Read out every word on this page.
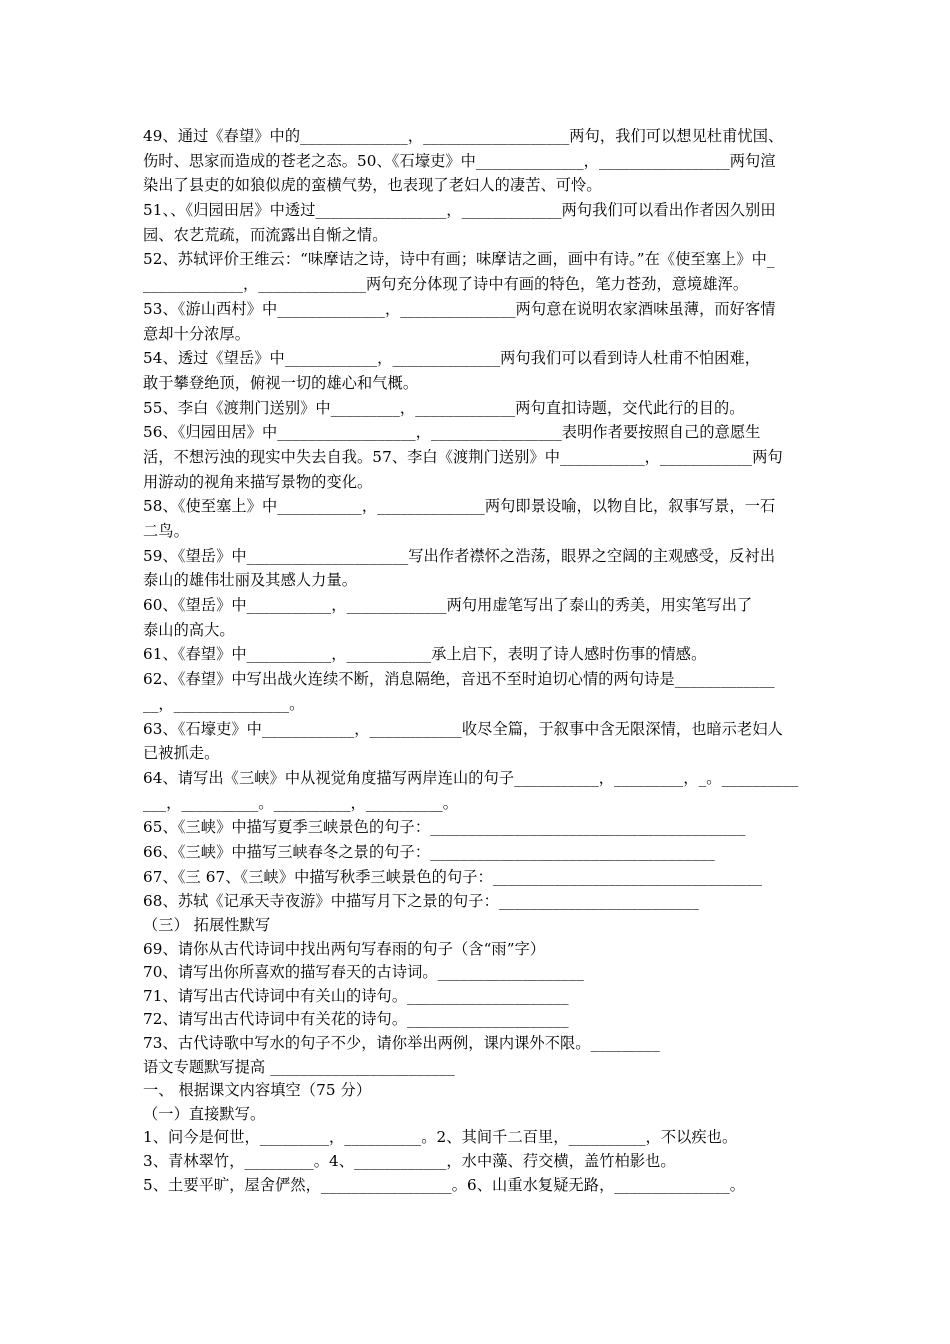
49、通过《春望》中的______________，___________________两句，我们可以想见杜甫忧国、
伤时、思家而造成的苍老之态。50、《石壕吏》中______________，_________________两句渲
染出了县吏的如狼似虎的蛮横气势，也表现了老妇人的凄苦、可怜。
51、、《归园田居》中透过_________________，_____________两句我们可以看出作者因久别田
园、农艺荒疏，而流露出自惭之情。
52、苏轼评价王维云：“味摩诘之诗，诗中有画；味摩诘之画，画中有诗。”在《使至塞上》中_
_____________，______________两句充分体现了诗中有画的特色，笔力苍劲，意境雄浑。
53、《游山西村》中______________，_______________两句意在说明农家酒味虽薄，而好客情
意却十分浓厚。
54、透过《望岳》中____________，______________两句我们可以看到诗人杜甫不怕困难，
敢于攀登绝顶，俯视一切的雄心和气概。
55、李白《渡荆门送别》中_________，_____________两句直扣诗题，交代此行的目的。
56、《归园田居》中__________________，_________________表明作者要按照自己的意愿生
活，不想污浊的现实中失去自我。57、李白《渡荆门送别》中___________，____________两句
用游动的视角来描写景物的变化。
58、《使至塞上》中___________，______________两句即景设喻，以物自比，叙事写景，一石
二鸟。
59、《望岳》中_____________________写出作者襟怀之浩荡，眼界之空阔的主观感受，反衬出
泰山的雄伟壮丽及其感人力量。
60、《望岳》中___________，_____________两句用虚笔写出了泰山的秀美，用实笔写出了
泰山的高大。
61、《春望》中___________，___________承上启下，表明了诗人感时伤事的情感。
62、《春望》中写出战火连续不断，消息隔绝，音迅不至时迫切心情的两句诗是_____________
__，_______________。
63、《石壕吏》中____________，____________收尽全篇，于叙事中含无限深情，也暗示老妇人
已被抓走。
64、请写出《三峡》中从视觉角度描写两岸连山的句子___________，_________，_。__________
___，__________。__________，__________。
65、《三峡》中描写夏季三峡景色的句子：_________________________________________
66、《三峡》中描写三峡春冬之景的句子：_____________________________________
67、《三 67、《三峡》中描写秋季三峡景色的句子：___________________________________
68、苏轼《记承天寺夜游》中描写月下之景的句子：__________________________
（三） 拓展性默写
69、请你从古代诗词中找出两句写春雨的句子（含“雨”字）
70、请写出你所喜欢的描写春天的古诗词。___________________
71、请写出古代诗词中有关山的诗句。_____________________
72、请写出古代诗词中有关花的诗句。_____________________
73、古代诗歌中写水的句子不少，请你举出两例，课内课外不限。_________
语文专题默写提高 ________________________
一、 根据课文内容填空（75 分）
（一）直接默写。
1、问今是何世，_________，__________。2、其间千二百里，__________，不以疾也。
3、青林翠竹，_________。4、____________，水中藻、荇交横，盖竹柏影也。
5、土要平旷，屋舍俨然，_________________。6、山重水复疑无路，_______________。
